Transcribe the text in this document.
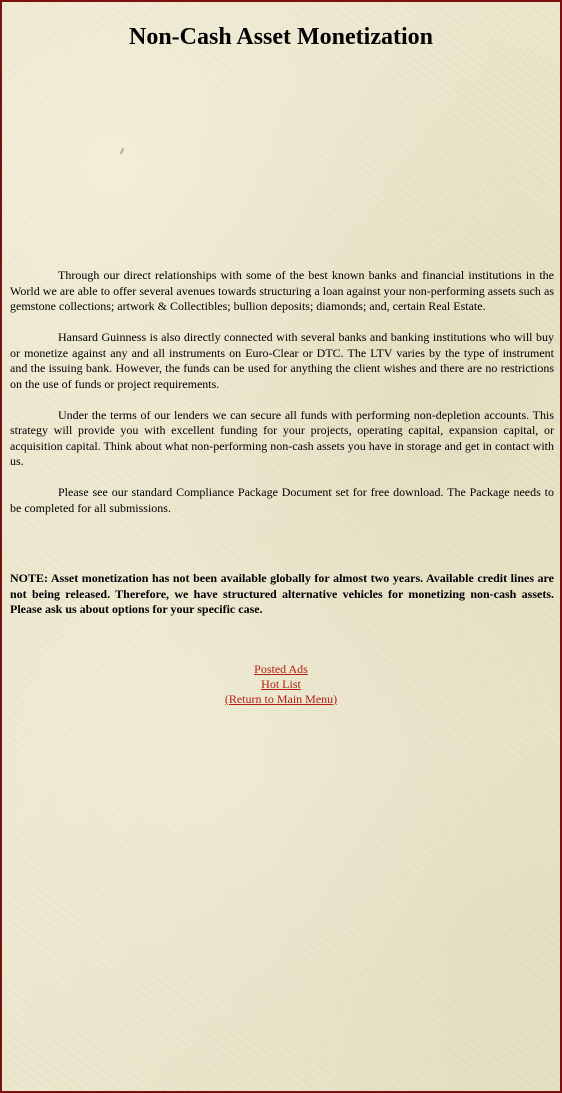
Non-Cash Asset Monetization

Through our direct relationships with some of the best known banks and financial institutions in the World we are able to offer several avenues towards structuring a loan against your non-performing assets such as gemstone collections; artwork & Collectibles; bullion deposits; diamonds; and, certain Real Estate.

Hansard Guinness is also directly connected with several banks and banking institutions who will buy or monetize against any and all instruments on Euro-Clear or DTC. The LTV varies by the type of instrument and the issuing bank. However, the funds can be used for anything the client wishes and there are no restrictions on the use of funds or project requirements.

Under the terms of our lenders we can secure all funds with performing non-depletion accounts. This strategy will provide you with excellent funding for your projects, operating capital, expansion capital, or acquisition capital. Think about what non-performing non-cash assets you have in storage and get in contact with us.

Please see our standard Compliance Package Document set for free download. The Package needs to be completed for all submissions.

NOTE: Asset monetization has not been available globally for almost two years. Available credit lines are not being released. Therefore, we have structured alternative vehicles for monetizing non-cash assets. Please ask us about options for your specific case.

Posted Ads
Hot List
(Return to Main Menu)
